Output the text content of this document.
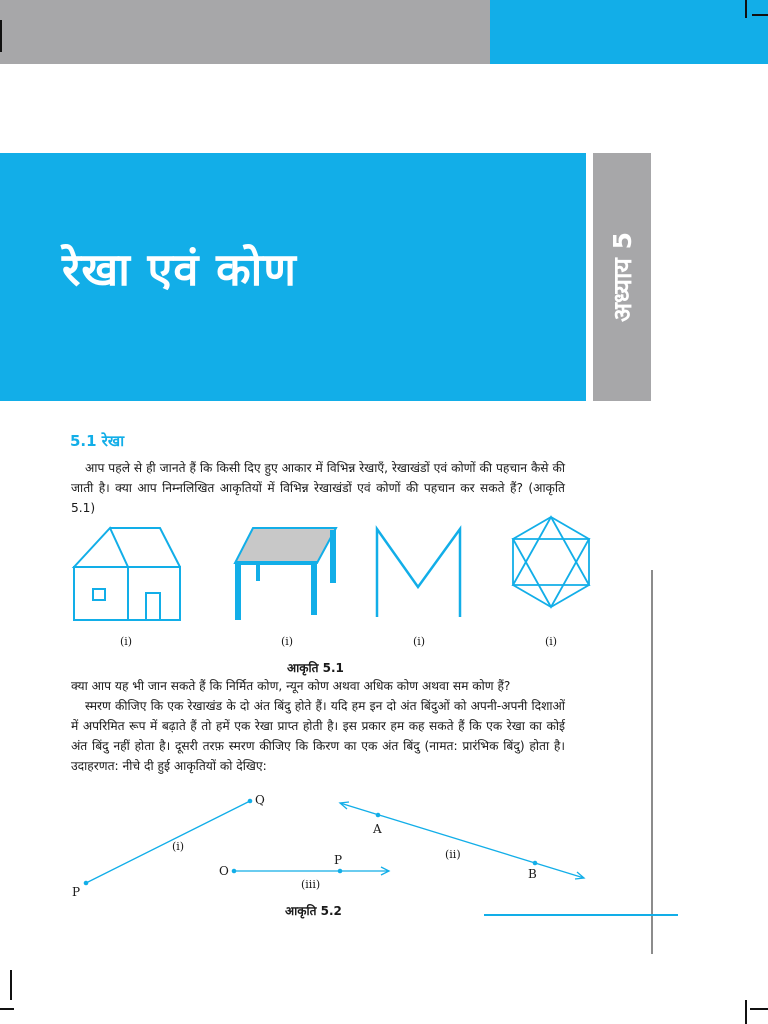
रेखा एवं कोण	अध्याय 5
5.1 रेखा

आप पहले से ही जानते हैं कि किसी दिए हुए आकार में विभिन्न रेखाएँ, रेखाखंडों एवं कोणों की पहचान कैसे की जाती है। क्या आप निम्नलिखित आकृतियों में विभिन्न रेखाखंडों एवं कोणों की पहचान कर सकते हैं? (आकृति 5.1)

(i)	(i)	(i)	(i)
आकृति 5.1

क्या आप यह भी जान सकते हैं कि निर्मित कोण, न्यून कोण अथवा अधिक कोण अथवा सम कोण हैं?

स्मरण कीजिए कि एक रेखाखंड के दो अंत बिंदु होते हैं। यदि हम इन दो अंत बिंदुओं को अपनी-अपनी दिशाओं में अपरिमित रूप में बढ़ाते हैं तो हमें एक रेखा प्राप्त होती है। इस प्रकार हम कह सकते हैं कि एक रेखा का कोई अंत बिंदु नहीं होता है। दूसरी तरफ़ स्मरण कीजिए कि किरण का एक अंत बिंदु (नामत: प्रारंभिक बिंदु) होता है। उदाहरणत: नीचे दी हुई आकृतियों को देखिए:

Q
P
(i)
A
B
(ii)
O
P
(iii)
आकृति 5.2
